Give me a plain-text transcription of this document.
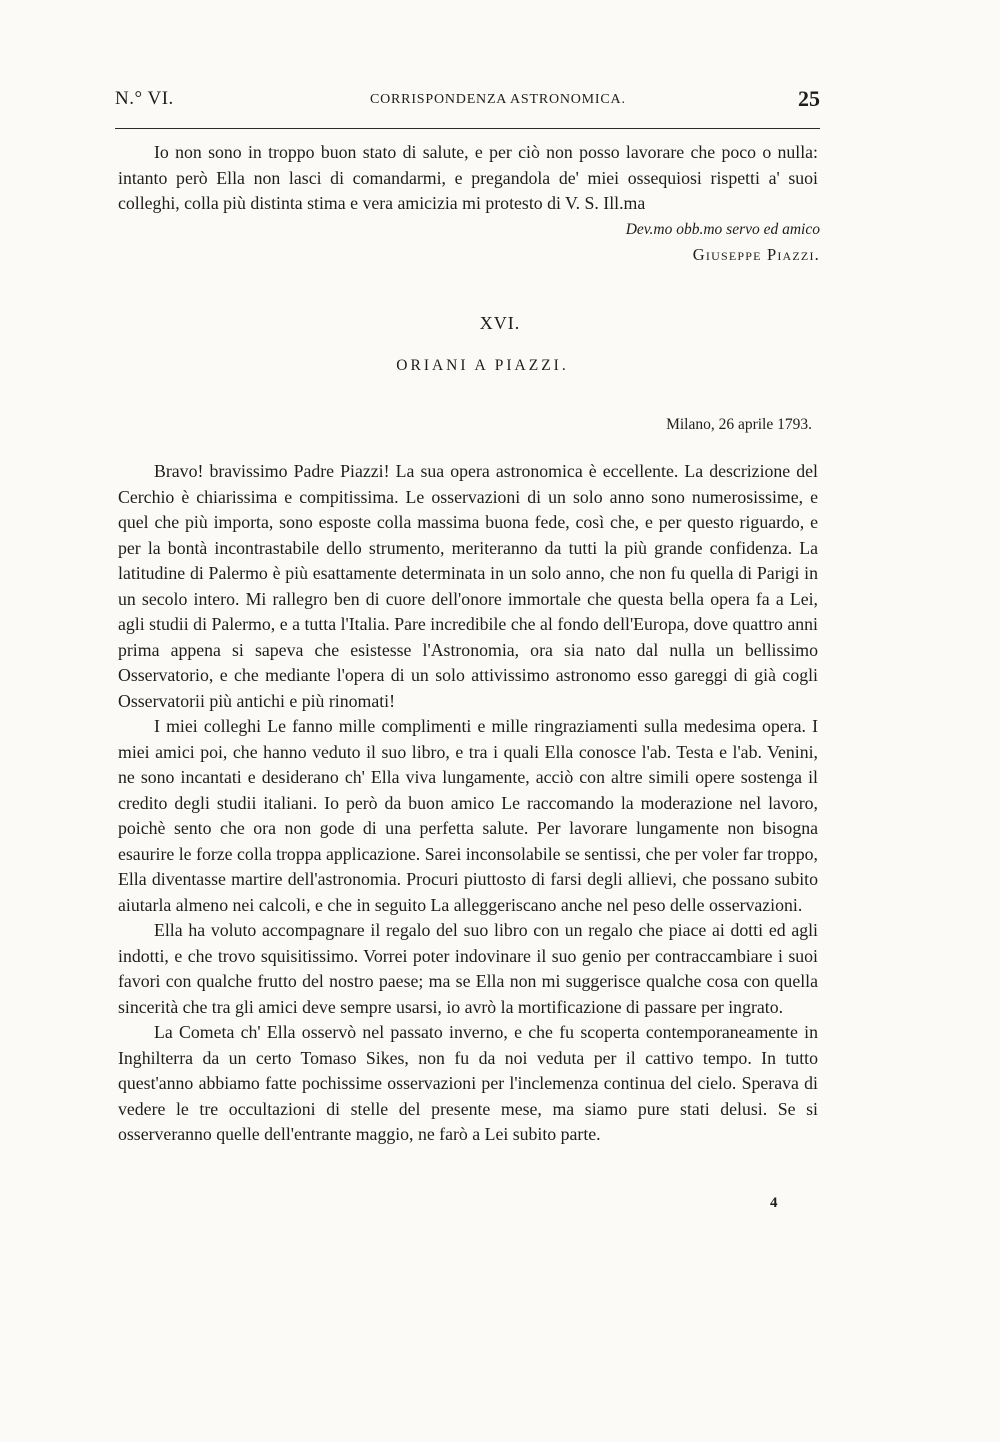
N.° VI.	CORRISPONDENZA ASTRONOMICA.	25

Io non sono in troppo buon stato di salute, e per ciò non posso lavorare che poco o nulla: intanto però Ella non lasci di comandarmi, e pregandola de' miei ossequiosi rispetti a' suoi colleghi, colla più distinta stima e vera amicizia mi protesto di V. S. Ill.ma

Dev.mo obb.mo servo ed amico
Giuseppe Piazzi.
XVI.
ORIANI A PIAZZI.
Milano, 26 aprile 1793.

Bravo! bravissimo Padre Piazzi! La sua opera astronomica è eccellente. La descrizione del Cerchio è chiarissima e compitissima. Le osservazioni di un solo anno sono numerosissime, e quel che più importa, sono esposte colla massima buona fede, così che, e per questo riguardo, e per la bontà incontrastabile dello strumento, meriteranno da tutti la più grande confidenza. La latitudine di Palermo è più esattamente determinata in un solo anno, che non fu quella di Parigi in un secolo intero. Mi rallegro ben di cuore dell'onore immortale che questa bella opera fa a Lei, agli studii di Palermo, e a tutta l'Italia. Pare incredibile che al fondo dell'Europa, dove quattro anni prima appena si sapeva che esistesse l'Astronomia, ora sia nato dal nulla un bellissimo Osservatorio, e che mediante l'opera di un solo attivissimo astronomo esso gareggi di già cogli Osservatorii più antichi e più rinomati!

I miei colleghi Le fanno mille complimenti e mille ringraziamenti sulla medesima opera. I miei amici poi, che hanno veduto il suo libro, e tra i quali Ella conosce l'ab. Testa e l'ab. Venini, ne sono incantati e desiderano ch' Ella viva lungamente, acciò con altre simili opere sostenga il credito degli studii italiani. Io però da buon amico Le raccomando la moderazione nel lavoro, poichè sento che ora non gode di una perfetta salute. Per lavorare lungamente non bisogna esaurire le forze colla troppa applicazione. Sarei inconsolabile se sentissi, che per voler far troppo, Ella diventasse martire dell'astronomia. Procuri piuttosto di farsi degli allievi, che possano subito aiutarla almeno nei calcoli, e che in seguito La alleggeriscano anche nel peso delle osservazioni.

Ella ha voluto accompagnare il regalo del suo libro con un regalo che piace ai dotti ed agli indotti, e che trovo squisitissimo. Vorrei poter indovinare il suo genio per contraccambiare i suoi favori con qualche frutto del nostro paese; ma se Ella non mi suggerisce qualche cosa con quella sincerità che tra gli amici deve sempre usarsi, io avrò la mortificazione di passare per ingrato.

La Cometa ch' Ella osservò nel passato inverno, e che fu scoperta contemporaneamente in Inghilterra da un certo Tomaso Sikes, non fu da noi veduta per il cattivo tempo. In tutto quest'anno abbiamo fatte pochissime osservazioni per l'inclemenza continua del cielo. Sperava di vedere le tre occultazioni di stelle del presente mese, ma siamo pure stati delusi. Se si osserveranno quelle dell'entrante maggio, ne farò a Lei subito parte.

4
